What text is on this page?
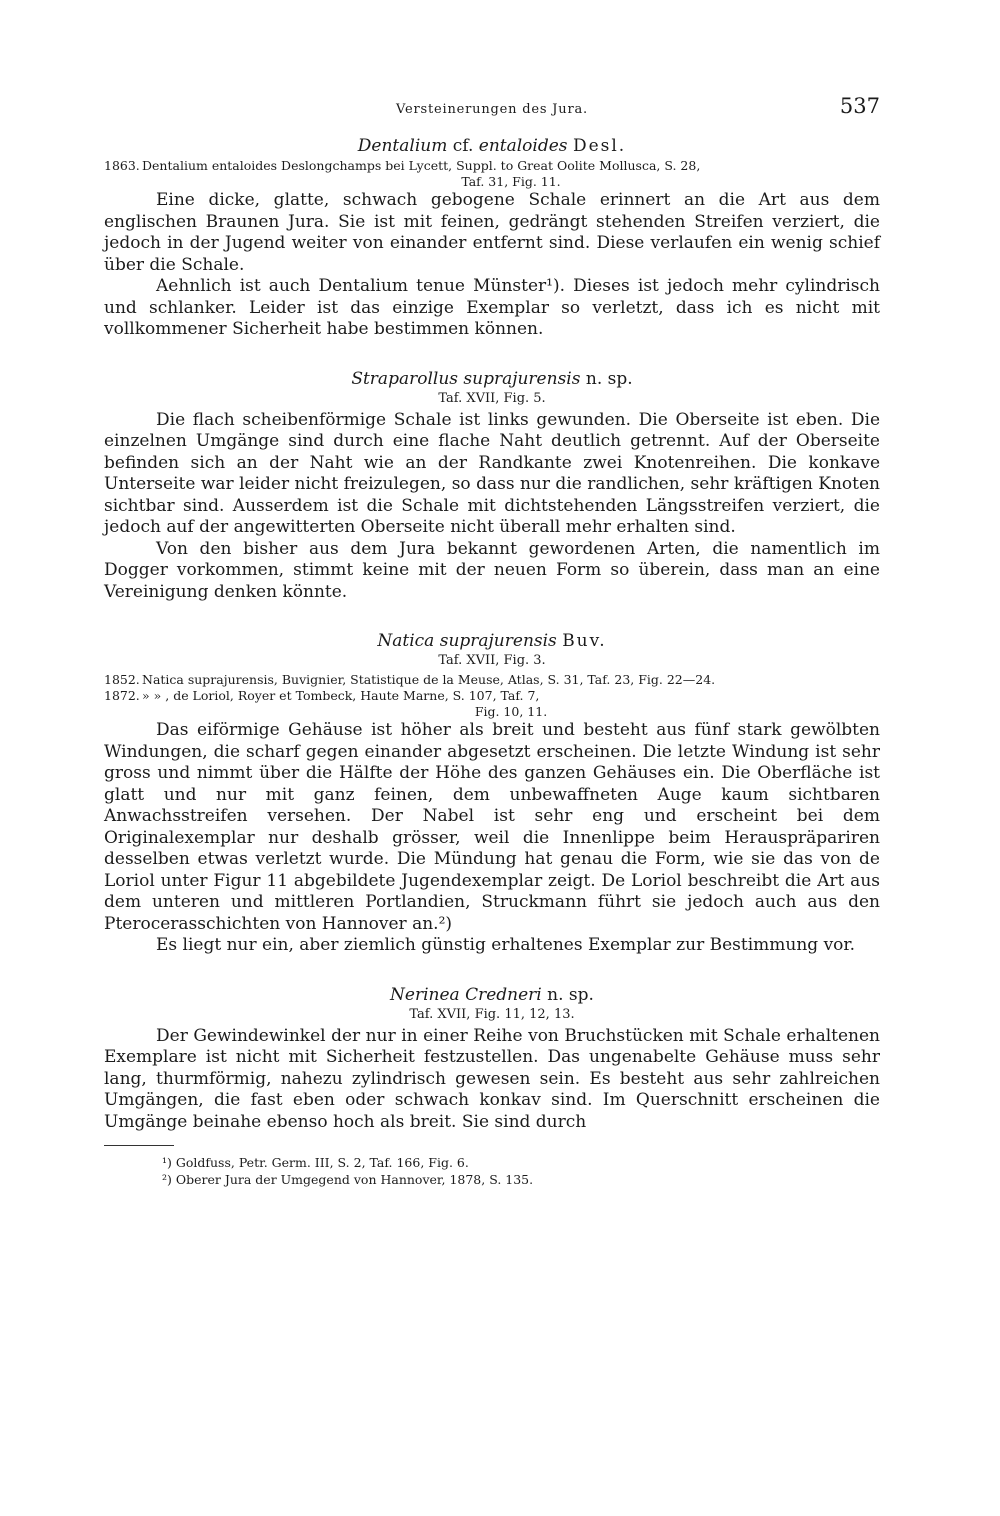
Versteinerungen des Jura.	537
Dentalium cf. entaloides Desl.
1863. Dentalium entaloides Deslongchamps bei Lycett, Suppl. to Great Oolite Mollusca, S. 28,
Taf. 31, Fig. 11.

Eine dicke, glatte, schwach gebogene Schale erinnert an die Art aus dem englischen Braunen Jura. Sie ist mit feinen, gedrängt stehenden Streifen verziert, die jedoch in der Jugend weiter von einander entfernt sind. Diese verlaufen ein wenig schief über die Schale.

Aehnlich ist auch Dentalium tenue Münster¹). Dieses ist jedoch mehr cylindrisch und schlanker. Leider ist das einzige Exemplar so verletzt, dass ich es nicht mit vollkommener Sicherheit habe bestimmen können.

Straparollus suprajurensis n. sp.
Taf. XVII, Fig. 5.

Die flach scheibenförmige Schale ist links gewunden. Die Oberseite ist eben. Die einzelnen Umgänge sind durch eine flache Naht deutlich getrennt. Auf der Oberseite befinden sich an der Naht wie an der Randkante zwei Knotenreihen. Die konkave Unterseite war leider nicht freizulegen, so dass nur die randlichen, sehr kräftigen Knoten sichtbar sind. Ausserdem ist die Schale mit dichtstehenden Längsstreifen verziert, die jedoch auf der angewitterten Oberseite nicht überall mehr erhalten sind.

Von den bisher aus dem Jura bekannt gewordenen Arten, die namentlich im Dogger vorkommen, stimmt keine mit der neuen Form so überein, dass man an eine Vereinigung denken könnte.

Natica suprajurensis Buv.
Taf. XVII, Fig. 3.
1852. Natica suprajurensis, Buvignier, Statistique de la Meuse, Atlas, S. 31, Taf. 23, Fig. 22—24.
1872. » » , de Loriol, Royer et Tombeck, Haute Marne, S. 107, Taf. 7,
Fig. 10, 11.

Das eiförmige Gehäuse ist höher als breit und besteht aus fünf stark gewölbten Windungen, die scharf gegen einander abgesetzt erscheinen. Die letzte Windung ist sehr gross und nimmt über die Hälfte der Höhe des ganzen Gehäuses ein. Die Oberfläche ist glatt und nur mit ganz feinen, dem unbewaffneten Auge kaum sichtbaren Anwachsstreifen versehen. Der Nabel ist sehr eng und erscheint bei dem Originalexemplar nur deshalb grösser, weil die Innenlippe beim Herauspräpariren desselben etwas verletzt wurde. Die Mündung hat genau die Form, wie sie das von de Loriol unter Figur 11 abgebildete Jugendexemplar zeigt. De Loriol beschreibt die Art aus dem unteren und mittleren Portlandien, Struckmann führt sie jedoch auch aus den Pterocerasschichten von Hannover an.²)

Es liegt nur ein, aber ziemlich günstig erhaltenes Exemplar zur Bestimmung vor.

Nerinea Credneri n. sp.
Taf. XVII, Fig. 11, 12, 13.

Der Gewindewinkel der nur in einer Reihe von Bruchstücken mit Schale erhaltenen Exemplare ist nicht mit Sicherheit festzustellen. Das ungenabelte Gehäuse muss sehr lang, thurmförmig, nahezu zylindrisch gewesen sein. Es besteht aus sehr zahlreichen Umgängen, die fast eben oder schwach konkav sind. Im Querschnitt erscheinen die Umgänge beinahe ebenso hoch als breit. Sie sind durch

¹) Goldfuss, Petr. Germ. III, S. 2, Taf. 166, Fig. 6.
²) Oberer Jura der Umgegend von Hannover, 1878, S. 135.
